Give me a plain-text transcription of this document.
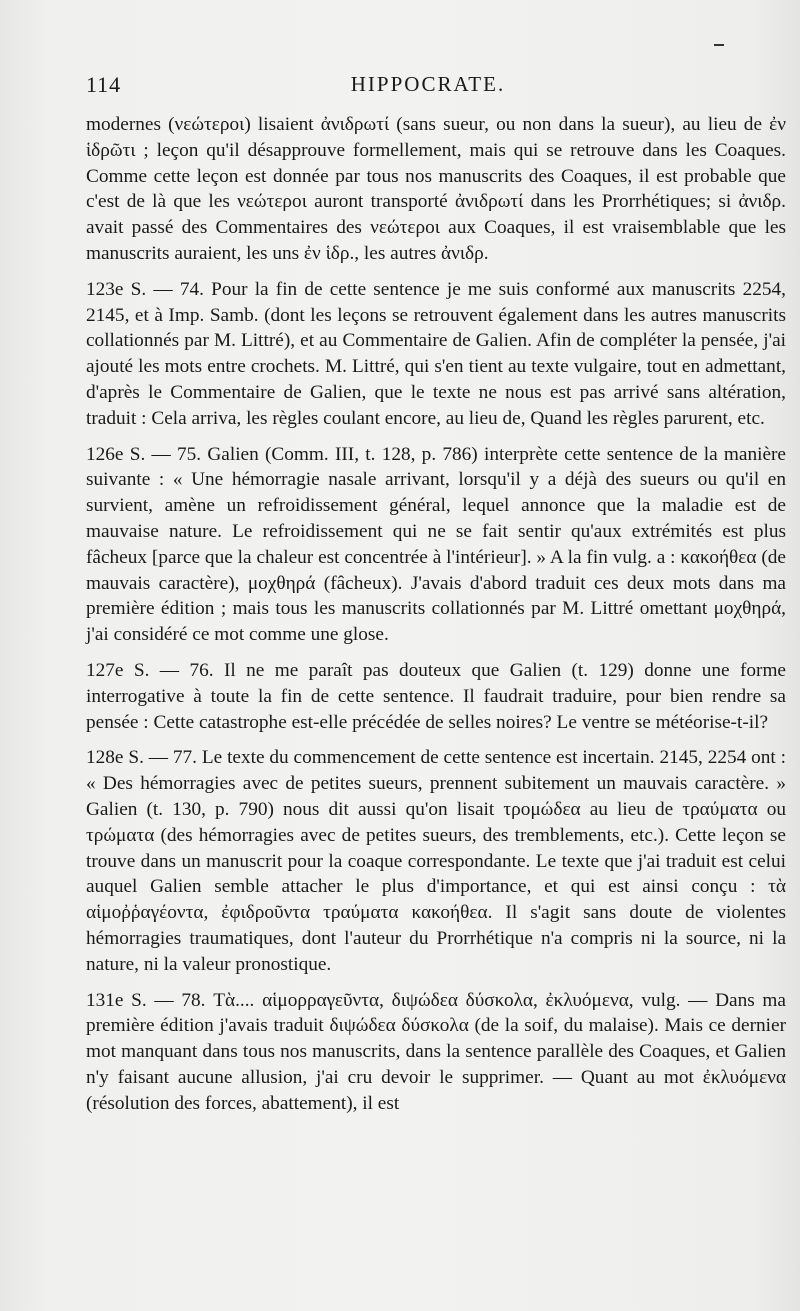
114	HIPPOCRATE.

modernes (νεώτεροι) lisaient ἀνιδρωτί (sans sueur, ou non dans la sueur), au lieu de ἐν ἱδρῶτι ; leçon qu'il désapprouve formellement, mais qui se retrouve dans les Coaques. Comme cette leçon est donnée par tous nos manuscrits des Coaques, il est probable que c'est de là que les νεώτεροι auront transporté ἀνιδρωτί dans les Prorrhétiques; si ἀνιδρ. avait passé des Commentaires des νεώτεροι aux Coaques, il est vraisemblable que les manuscrits auraient, les uns ἐν ἱδρ., les autres ἀνιδρ.

123e S. — 74. Pour la fin de cette sentence je me suis conformé aux manuscrits 2254, 2145, et à Imp. Samb. (dont les leçons se retrouvent également dans les autres manuscrits collationnés par M. Littré), et au Commentaire de Galien. Afin de compléter la pensée, j'ai ajouté les mots entre crochets. M. Littré, qui s'en tient au texte vulgaire, tout en admettant, d'après le Commentaire de Galien, que le texte ne nous est pas arrivé sans altération, traduit : Cela arriva, les règles coulant encore, au lieu de, Quand les règles parurent, etc.

126e S. — 75. Galien (Comm. III, t. 128, p. 786) interprète cette sentence de la manière suivante : « Une hémorragie nasale arrivant, lorsqu'il y a déjà des sueurs ou qu'il en survient, amène un refroidissement général, lequel annonce que la maladie est de mauvaise nature. Le refroidissement qui ne se fait sentir qu'aux extrémités est plus fâcheux [parce que la chaleur est concentrée à l'intérieur]. » A la fin vulg. a : κακοήθεα (de mauvais caractère), μοχθηρά (fâcheux). J'avais d'abord traduit ces deux mots dans ma première édition ; mais tous les manuscrits collationnés par M. Littré omettant μοχθηρά, j'ai considéré ce mot comme une glose.

127e S. — 76. Il ne me paraît pas douteux que Galien (t. 129) donne une forme interrogative à toute la fin de cette sentence. Il faudrait traduire, pour bien rendre sa pensée : Cette catastrophe est-elle précédée de selles noires? Le ventre se météorise-t-il?

128e S. — 77. Le texte du commencement de cette sentence est incertain. 2145, 2254 ont : « Des hémorragies avec de petites sueurs, prennent subitement un mauvais caractère. » Galien (t. 130, p. 790) nous dit aussi qu'on lisait τρομώδεα au lieu de τραύματα ou τρώματα (des hémorragies avec de petites sueurs, des tremblements, etc.). Cette leçon se trouve dans un manuscrit pour la coaque correspondante. Le texte que j'ai traduit est celui auquel Galien semble attacher le plus d'importance, et qui est ainsi conçu : τὰ αἱμοῤῥαγέοντα, ἐφιδροῦντα τραύματα κακοήθεα. Il s'agit sans doute de violentes hémorragies traumatiques, dont l'auteur du Prorrhétique n'a compris ni la source, ni la nature, ni la valeur pronostique.

131e S. — 78. Τὰ.... αἱμορραγεῦντα, διψώδεα δύσκολα, ἐκλυόμενα, vulg. — Dans ma première édition j'avais traduit διψώδεα δύσκολα (de la soif, du malaise). Mais ce dernier mot manquant dans tous nos manuscrits, dans la sentence parallèle des Coaques, et Galien n'y faisant aucune allusion, j'ai cru devoir le supprimer. — Quant au mot ἐκλυόμενα (résolution des forces, abattement), il est
